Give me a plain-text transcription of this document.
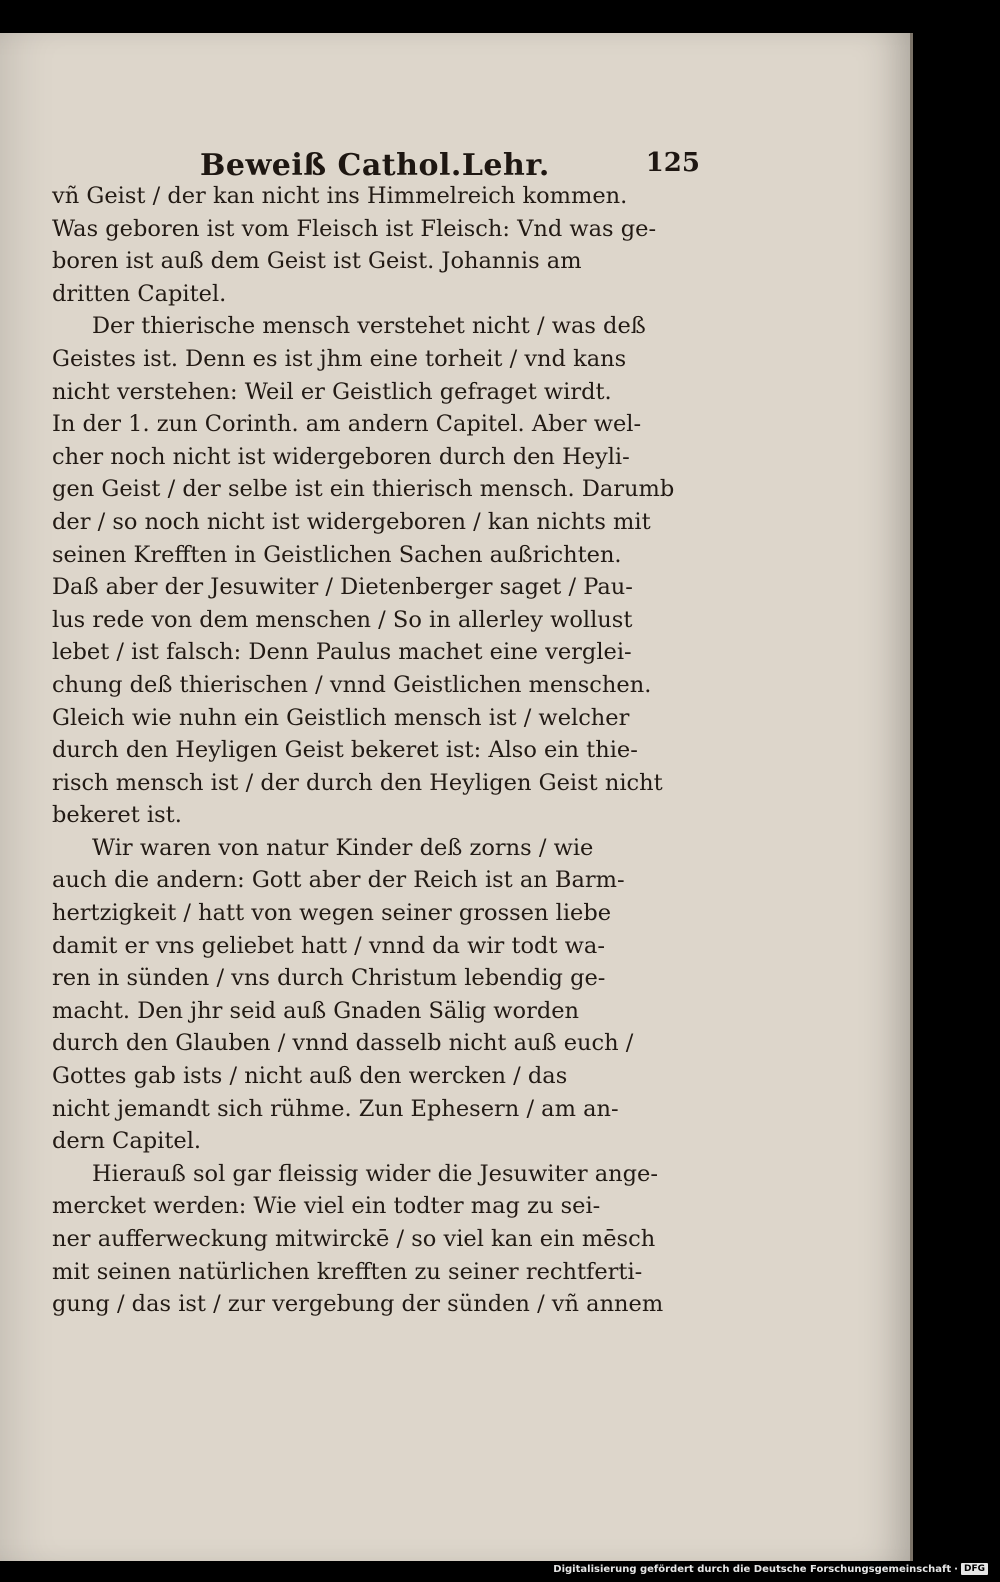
Beweiß Cathol.Lehr.	125
vñ Geist / der kan nicht ins Himmelreich kommen.
Was geboren ist vom Fleisch ist Fleisch: Vnd was ge-
boren ist auß dem Geist ist Geist. Johannis am
dritten Capitel.
Der thierische mensch verstehet nicht / was deß
Geistes ist. Denn es ist jhm eine torheit / vnd kans
nicht verstehen: Weil er Geistlich gefraget wirdt.
In der 1. zun Corinth. am andern Capitel. Aber wel-
cher noch nicht ist widergeboren durch den Heyli-
gen Geist / der selbe ist ein thierisch mensch. Darumb
der / so noch nicht ist widergeboren / kan nichts mit
seinen Krefften in Geistlichen Sachen außrichten.
Daß aber der Jesuwiter / Dietenberger saget / Pau-
lus rede von dem menschen / So in allerley wollust
lebet / ist falsch: Denn Paulus machet eine verglei-
chung deß thierischen / vnnd Geistlichen menschen.
Gleich wie nuhn ein Geistlich mensch ist / welcher
durch den Heyligen Geist bekeret ist: Also ein thie-
risch mensch ist / der durch den Heyligen Geist nicht
bekeret ist.
Wir waren von natur Kinder deß zorns / wie
auch die andern: Gott aber der Reich ist an Barm-
hertzigkeit / hatt von wegen seiner grossen liebe
damit er vns geliebet hatt / vnnd da wir todt wa-
ren in sünden / vns durch Christum lebendig ge-
macht. Den jhr seid auß Gnaden Sälig worden
durch den Glauben / vnnd dasselb nicht auß euch /
Gottes gab ists / nicht auß den wercken / das
nicht jemandt sich rühme. Zun Ephesern / am an-
dern Capitel.
Hierauß sol gar fleissig wider die Jesuwiter ange-
mercket werden: Wie viel ein todter mag zu sei-
ner aufferweckung mitwirckē / so viel kan ein mēsch
mit seinen natürlichen krefften zu seiner rechtferti-
gung / das ist / zur vergebung der sünden / vñ annem
Digitalisierung gefördert durch die Deutsche Forschungsgemeinschaft · DFG
